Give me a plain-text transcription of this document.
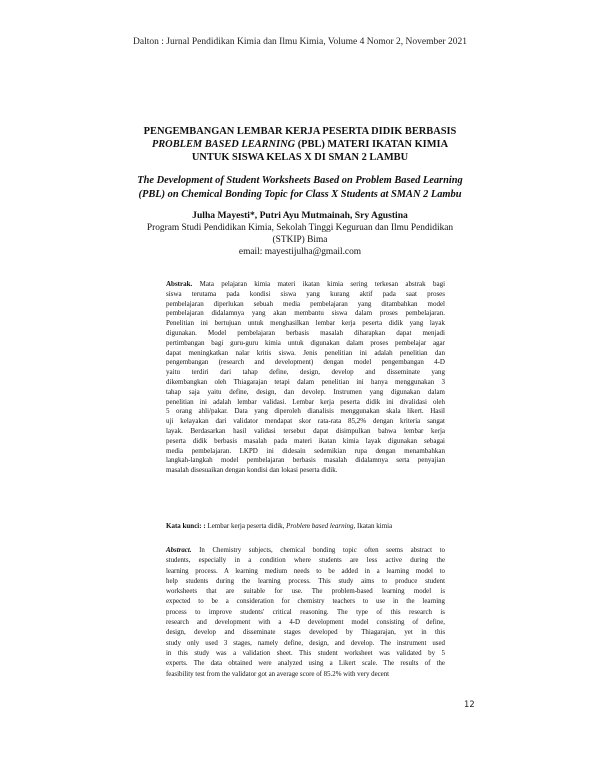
Dalton : Jurnal Pendidikan Kimia dan Ilmu Kimia, Volume 4 Nomor 2, November 2021
PENGEMBANGAN LEMBAR KERJA PESERTA DIDIK BERBASIS
PROBLEM BASED LEARNING (PBL) MATERI IKATAN KIMIA
UNTUK SISWA KELAS X DI SMAN 2 LAMBU
The Development of Student Worksheets Based on Problem Based Learning
(PBL) on Chemical Bonding Topic for Class X Students at SMAN 2 Lambu
Julha Mayesti*, Putri Ayu Mutmainah, Sry Agustina
Program Studi Pendidikan Kimia, Sekolah Tinggi Keguruan dan Ilmu Pendidikan
(STKIP) Bima
email: mayestijulha@gmail.com
Abstrak. Mata pelajaran kimia materi ikatan kimia sering terkesan abstrak bagi
siswa terutama pada kondisi siswa yang kurang aktif pada saat proses
pembelajaran diperlukan sebuah media pembelajaran yang ditambahkan model
pembelajaran didalamnya yang akan membantu siswa dalam proses pembelajaran.
Penelitian ini bertujuan untuk menghasilkan lembar kerja peserta didik yang layak
digunakan. Model pembelajaran berbasis masalah diharapkan dapat menjadi
pertimbangan bagi guru-guru kimia untuk digunakan dalam proses pembelajar agar
dapat meningkatkan nalar kritis siswa. Jenis penelitian ini adalah penelitian dan
pengembangan (research and development) dengan model pengembangan 4-D
yaitu terdiri dari tahap define, design, develop and disseminate yang
dikembangkan oleh Thiagarajan tetapi dalam penelitian ini hanya menggunakan 3
tahap saja yaitu define, design, dan devolep. Instrumen yang digunakan dalam
penelitian ini adalah lembar validasi. Lembar kerja peserta didik ini divalidasi oleh
5 orang ahli/pakar. Data yang diperoleh dianalisis menggunakan skala likert. Hasil
uji kelayakan dari validator mendapat skor rata-rata 85,2% dengan kriteria sangat
layak. Berdasarkan hasil validasi tersebut dapat disimpulkan bahwa lembar kerja
peserta didik berbasis masalah pada materi ikatan kimia layak digunakan sebagai
media pembelajaran. LKPD ini didesain sedemikian rupa dengan menambahkan
langkah-langkah model pembelajaran berbasis masalah didalamnya serta penyajian
masalah disesuaikan dengan kondisi dan lokasi peserta didik.
Kata kunci: : Lembar kerja peserta didik, Problem based learning, Ikatan kimia
Abstract. In Chemistry subjects, chemical bonding topic often seems abstract to
students, especially in a condition where students are less active during the
learning process. A learning medium needs to be added in a learning model to
help students during the learning process. This study aims to produce student
worksheets that are suitable for use. The problem-based learning model is
expected to be a consideration for chemistry teachers to use in the learning
process to improve students' critical reasoning. The type of this research is
research and development with a 4-D development model consisting of define,
design, develop and disseminate stages developed by Thiagarajan, yet in this
study only used 3 stages, namely define, design, and develop. The instrument used
in this study was a validation sheet. This student worksheet was validated by 5
experts. The data obtained were analyzed using a Likert scale. The results of the
feasibility test from the validator got an average score of 85.2% with very decent
12
